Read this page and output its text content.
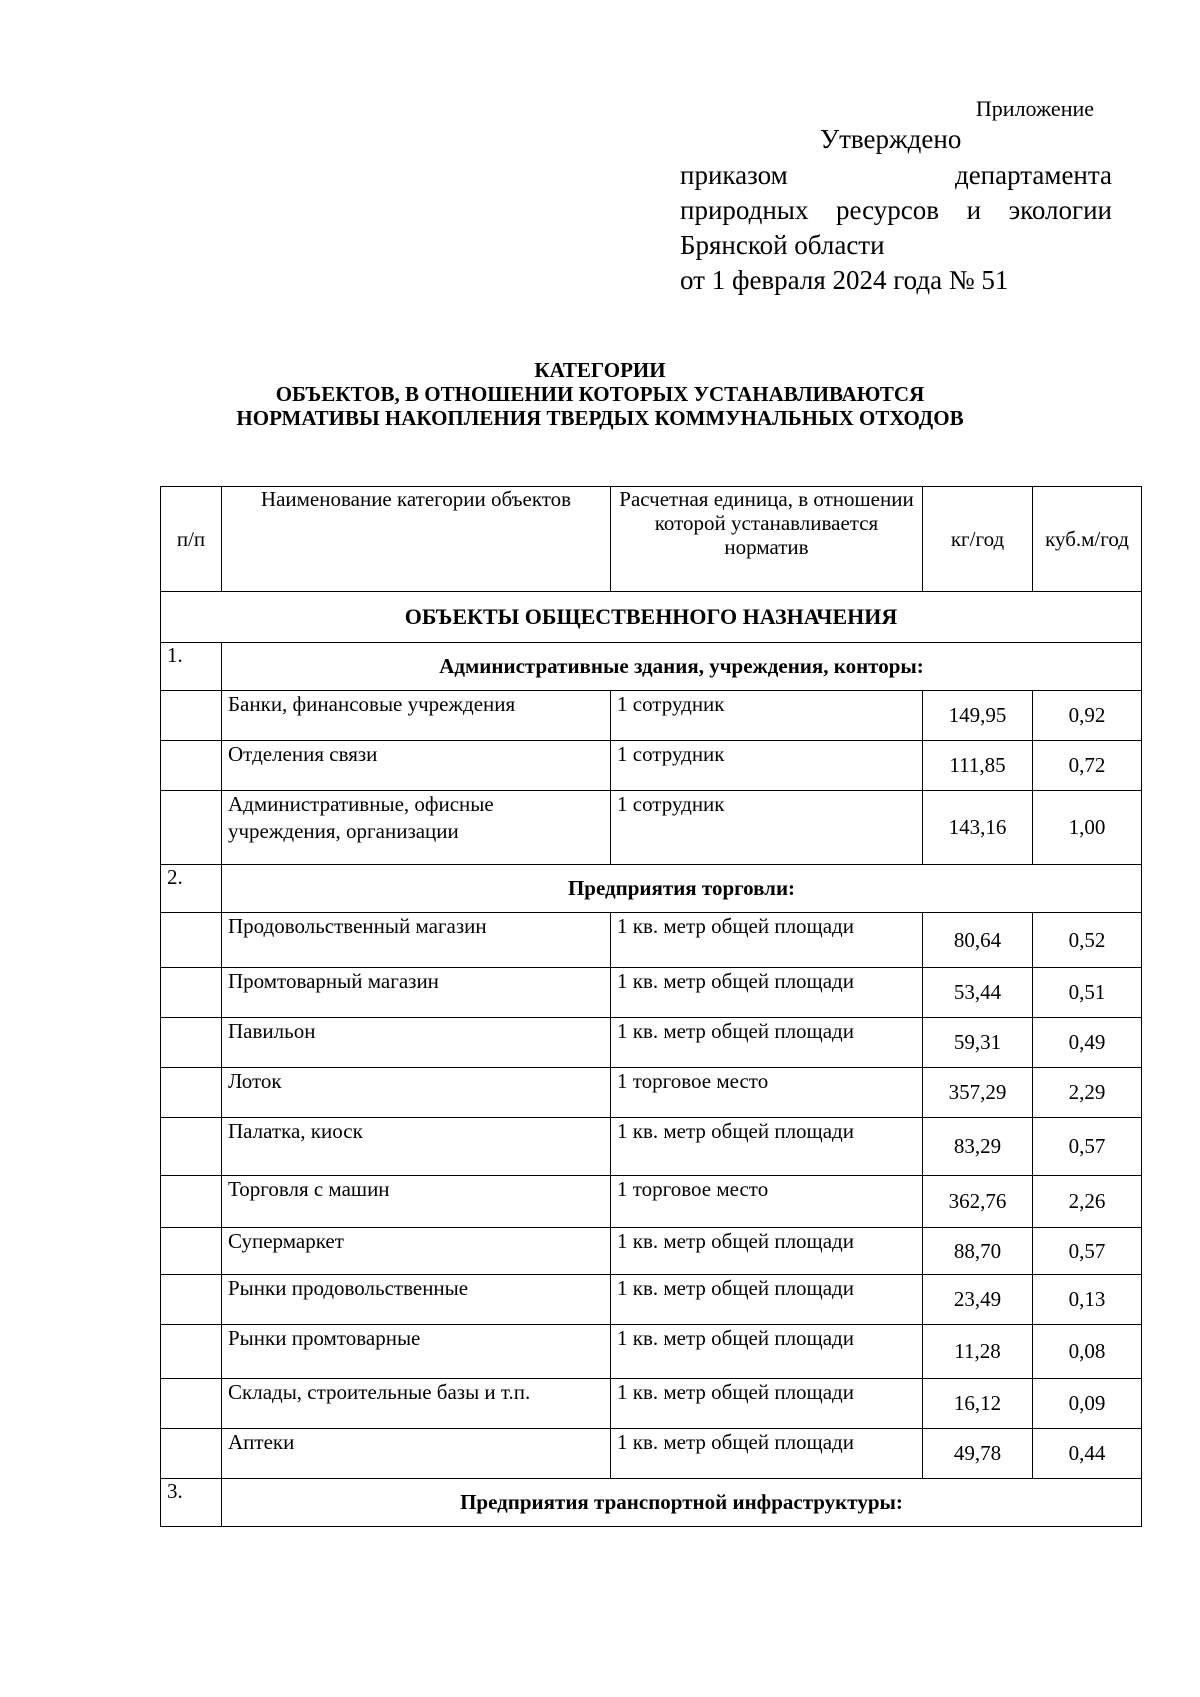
Приложение
Утверждено
приказом	департамента
природных ресурсов и экологии
Брянской области
от 1 февраля 2024 года № 51
КАТЕГОРИИ
ОБЪЕКТОВ, В ОТНОШЕНИИ КОТОРЫХ УСТАНАВЛИВАЮТСЯ
НОРМАТИВЫ НАКОПЛЕНИЯ ТВЕРДЫХ КОММУНАЛЬНЫХ ОТХОДОВ
п/п	Наименование категории объектов	Расчетная единица, в отношении которой устанавливается норматив	кг/год	куб.м/год
ОБЪЕКТЫ ОБЩЕСТВЕННОГО НАЗНАЧЕНИЯ				
1.	Административные здания, учреждения, конторы:			
	Банки, финансовые учреждения	1 сотрудник	149,95	0,92
	Отделения связи	1 сотрудник	111,85	0,72
	Административные, офисные учреждения, организации	1 сотрудник	143,16	1,00
2.	Предприятия торговли:			
	Продовольственный магазин	1 кв. метр общей площади	80,64	0,52
	Промтоварный магазин	1 кв. метр общей площади	53,44	0,51
	Павильон	1 кв. метр общей площади	59,31	0,49
	Лоток	1 торговое место	357,29	2,29
	Палатка, киоск	1 кв. метр общей площади	83,29	0,57
	Торговля с машин	1 торговое место	362,76	2,26
	Супермаркет	1 кв. метр общей площади	88,70	0,57
	Рынки продовольственные	1 кв. метр общей площади	23,49	0,13
	Рынки промтоварные	1 кв. метр общей площади	11,28	0,08
	Склады, строительные базы и т.п.	1 кв. метр общей площади	16,12	0,09
	Аптеки	1 кв. метр общей площади	49,78	0,44
3.	Предприятия транспортной инфраструктуры:			
